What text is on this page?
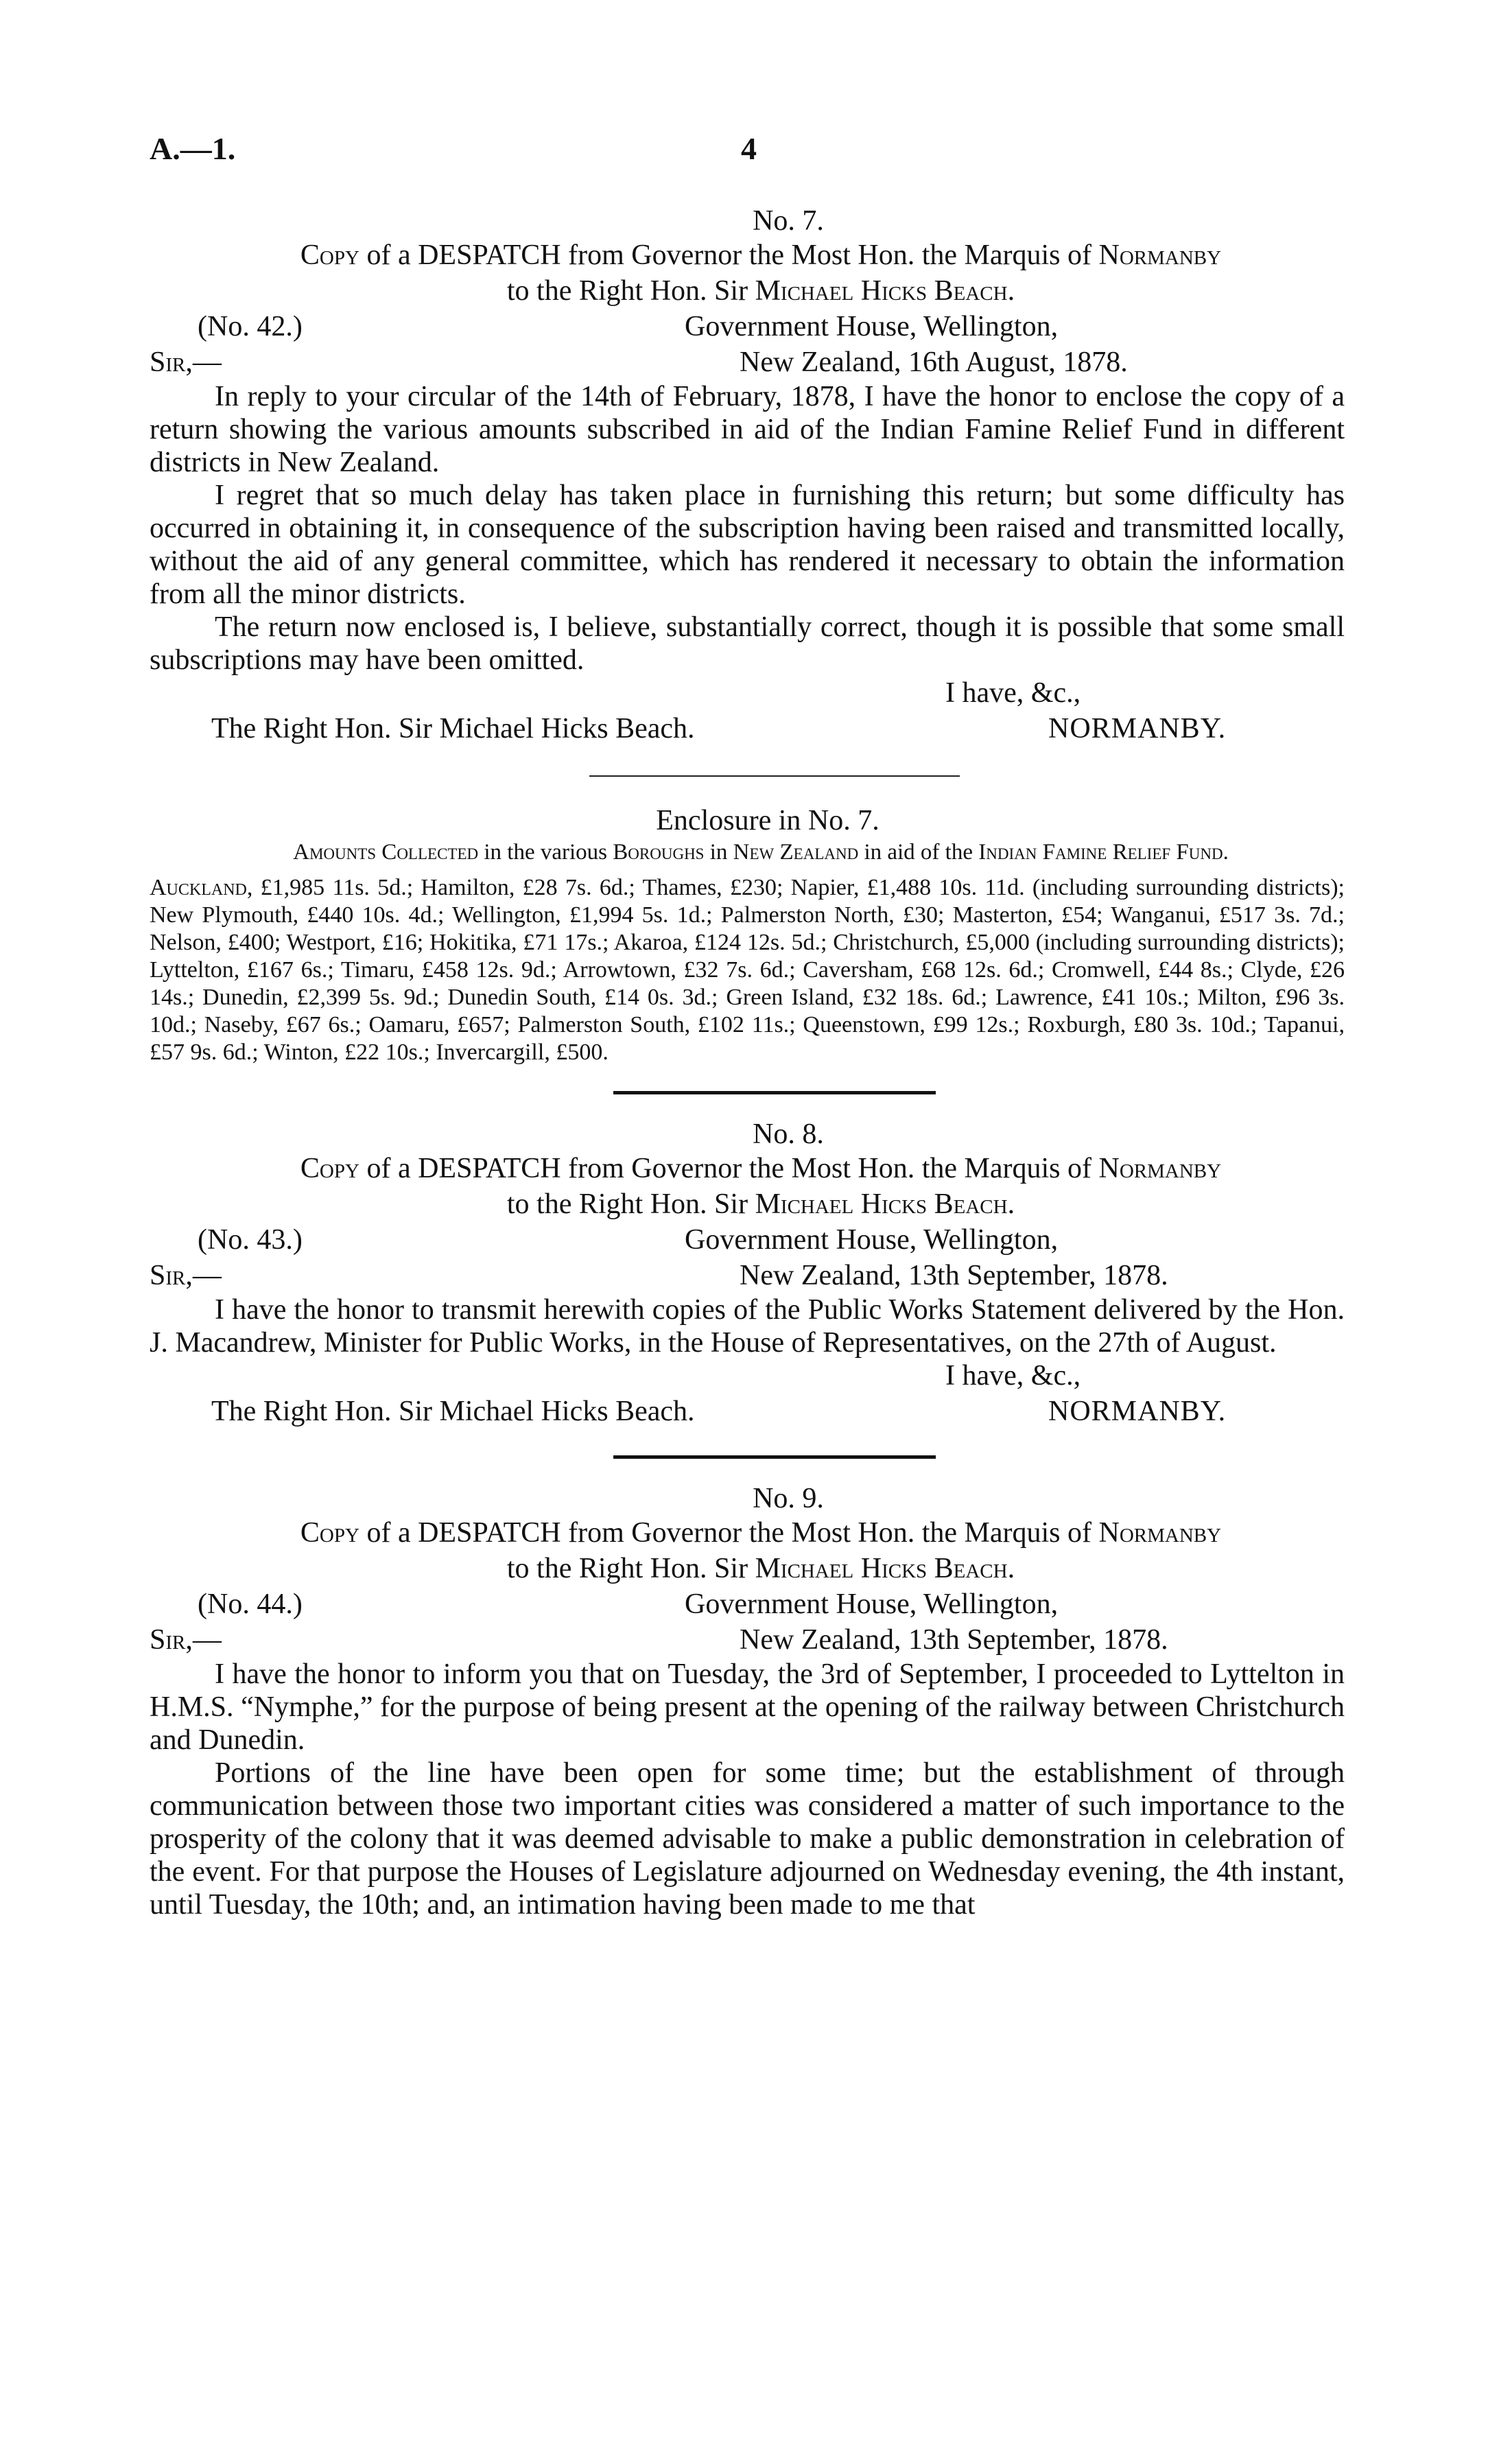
A.—1.	4
No. 7.
Copy of a DESPATCH from Governor the Most Hon. the Marquis of Normanby
to the Right Hon. Sir Michael Hicks Beach.
(No. 42.)	Government House, Wellington,
Sir,—	New Zealand, 16th August, 1878.

In reply to your circular of the 14th of February, 1878, I have the honor to enclose the copy of a return showing the various amounts subscribed in aid of the Indian Famine Relief Fund in different districts in New Zealand.

I regret that so much delay has taken place in furnishing this return; but some difficulty has occurred in obtaining it, in consequence of the subscription having been raised and transmitted locally, without the aid of any general committee, which has rendered it necessary to obtain the information from all the minor districts.

The return now enclosed is, I believe, substantially correct, though it is possible that some small subscriptions may have been omitted.

I have, &c.,
The Right Hon. Sir Michael Hicks Beach.	NORMANBY.
Enclosure in No. 7.
Amounts Collected in the various Boroughs in New Zealand in aid of the Indian Famine Relief Fund.

Auckland, £1,985 11s. 5d.; Hamilton, £28 7s. 6d.; Thames, £230; Napier, £1,488 10s. 11d. (including surrounding districts); New Plymouth, £440 10s. 4d.; Wellington, £1,994 5s. 1d.; Palmerston North, £30; Masterton, £54; Wanganui, £517 3s. 7d.; Nelson, £400; Westport, £16; Hokitika, £71 17s.; Akaroa, £124 12s. 5d.; Christchurch, £5,000 (including surrounding districts); Lyttelton, £167 6s.; Timaru, £458 12s. 9d.; Arrowtown, £32 7s. 6d.; Caversham, £68 12s. 6d.; Cromwell, £44 8s.; Clyde, £26 14s.; Dunedin, £2,399 5s. 9d.; Dunedin South, £14 0s. 3d.; Green Island, £32 18s. 6d.; Lawrence, £41 10s.; Milton, £96 3s. 10d.; Naseby, £67 6s.; Oamaru, £657; Palmerston South, £102 11s.; Queenstown, £99 12s.; Roxburgh, £80 3s. 10d.; Tapanui, £57 9s. 6d.; Winton, £22 10s.; Invercargill, £500.

No. 8.
Copy of a DESPATCH from Governor the Most Hon. the Marquis of Normanby
to the Right Hon. Sir Michael Hicks Beach.
(No. 43.)	Government House, Wellington,
Sir,—	New Zealand, 13th September, 1878.

I have the honor to transmit herewith copies of the Public Works Statement delivered by the Hon. J. Macandrew, Minister for Public Works, in the House of Representatives, on the 27th of August.

I have, &c.,
The Right Hon. Sir Michael Hicks Beach.	NORMANBY.
No. 9.
Copy of a DESPATCH from Governor the Most Hon. the Marquis of Normanby
to the Right Hon. Sir Michael Hicks Beach.
(No. 44.)	Government House, Wellington,
Sir,—	New Zealand, 13th September, 1878.

I have the honor to inform you that on Tuesday, the 3rd of September, I proceeded to Lyttelton in H.M.S. “Nymphe,” for the purpose of being present at the opening of the railway between Christchurch and Dunedin.

Portions of the line have been open for some time; but the establishment of through communication between those two important cities was considered a matter of such importance to the prosperity of the colony that it was deemed advisable to make a public demonstration in celebration of the event. For that purpose the Houses of Legislature adjourned on Wednesday evening, the 4th instant, until Tuesday, the 10th; and, an intimation having been made to me that
